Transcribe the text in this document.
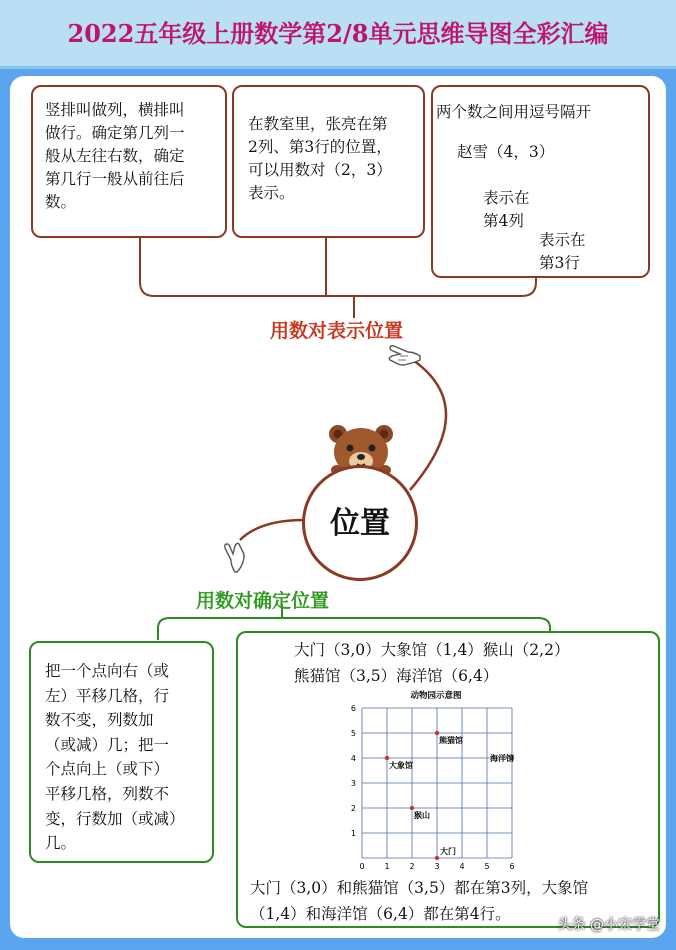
2022五年级上册数学第2/8单元思维导图全彩汇编
竖排叫做列，横排叫
做行。确定第几列一
般从左往右数，确定
第几行一般从前往后
数。
在教室里，张亮在第
2列、第3行的位置，
可以用数对（2，3）
表示。
两个数之间用逗号隔开
赵雪（4，3）
表示在
第4列
表示在
第3行
用数对表示位置
位置
用数对确定位置
把一个点向右（或
左）平移几格，行
数不变，列数加
（或减）几；把一
个点向上（或下）
平移几格，列数不
变，行数加（或减）
几。
大门（3,0）大象馆（1,4）猴山（2,2）
熊猫馆（3,5）海洋馆（6,4）
动物园示意图
0 1 2 3 4 5 6
1
2
3
4
5
6
大门
大象馆
猴山
熊猫馆
海洋馆
大门（3,0）和熊猫馆（3,5）都在第3列，大象馆
（1,4）和海洋馆（6,4）都在第4行。
头条 @小宋学堂
